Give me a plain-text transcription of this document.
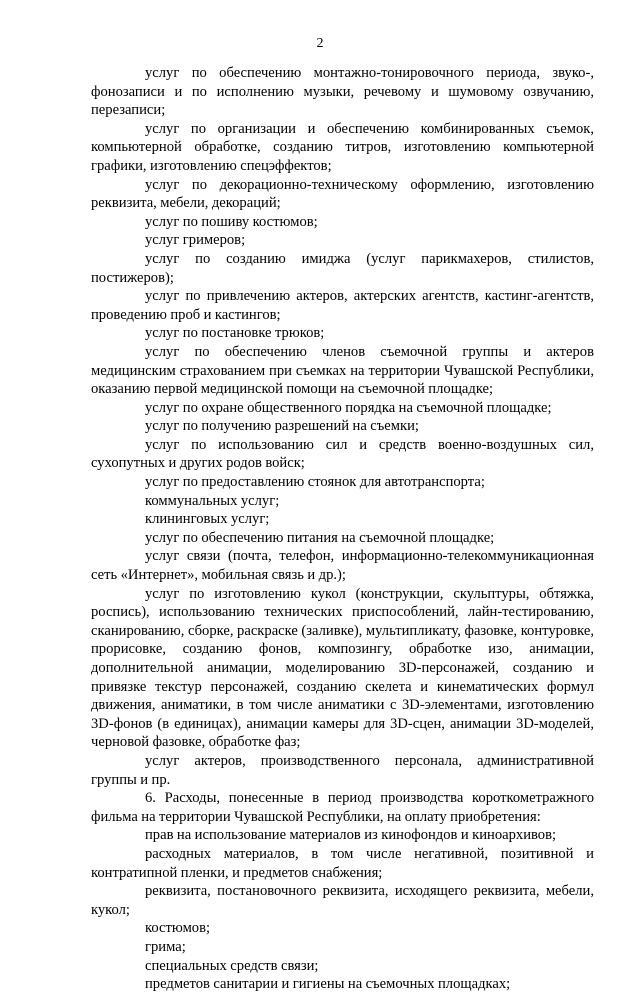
2

услуг по обеспечению монтажно-тонировочного периода, звуко-, фонозаписи и по исполнению музыки, речевому и шумовому озвучанию, перезаписи;

услуг по организации и обеспечению комбинированных съемок, компьютерной обработке, созданию титров, изготовлению компьютерной графики, изготовлению спецэффектов;

услуг по декорационно-техническому оформлению, изготовлению реквизита, мебели, декораций;

услуг по пошиву костюмов;

услуг гримеров;

услуг по созданию имиджа (услуг парикмахеров, стилистов, постижеров);

услуг по привлечению актеров, актерских агентств, кастинг-агентств, проведению проб и кастингов;

услуг по постановке трюков;

услуг по обеспечению членов съемочной группы и актеров медицинским страхованием при съемках на территории Чувашской Республики, оказанию первой медицинской помощи на съемочной площадке;

услуг по охране общественного порядка на съемочной площадке;

услуг по получению разрешений на съемки;

услуг по использованию сил и средств военно-воздушных сил, сухопутных и других родов войск;

услуг по предоставлению стоянок для автотранспорта;

коммунальных услуг;

клининговых услуг;

услуг по обеспечению питания на съемочной площадке;

услуг связи (почта, телефон, информационно-телекоммуникационная сеть «Интернет», мобильная связь и др.);

услуг по изготовлению кукол (конструкции, скульптуры, обтяжка, роспись), использованию технических приспособлений, лайн-тестированию, сканированию, сборке, раскраске (заливке), мультипликату, фазовке, контуровке, прорисовке, созданию фонов, композингу, обработке изо, анимации, дополнительной анимации, моделированию 3D-персонажей, созданию и привязке текстур персонажей, созданию скелета и кинематических формул движения, аниматики, в том числе аниматики с 3D-элементами, изготовлению 3D-фонов (в единицах), анимации камеры для 3D-сцен, анимации 3D-моделей, черновой фазовке, обработке фаз;

услуг актеров, производственного персонала, административной группы и пр.

6. Расходы, понесенные в период производства короткометражного фильма на территории Чувашской Республики, на оплату приобретения:

прав на использование материалов из кинофондов и киноархивов;

расходных материалов, в том числе негативной, позитивной и контратипной пленки, и предметов снабжения;

реквизита, постановочного реквизита, исходящего реквизита, мебели, кукол;

костюмов;

грима;

специальных средств связи;

предметов санитарии и гигиены на съемочных площадках;
